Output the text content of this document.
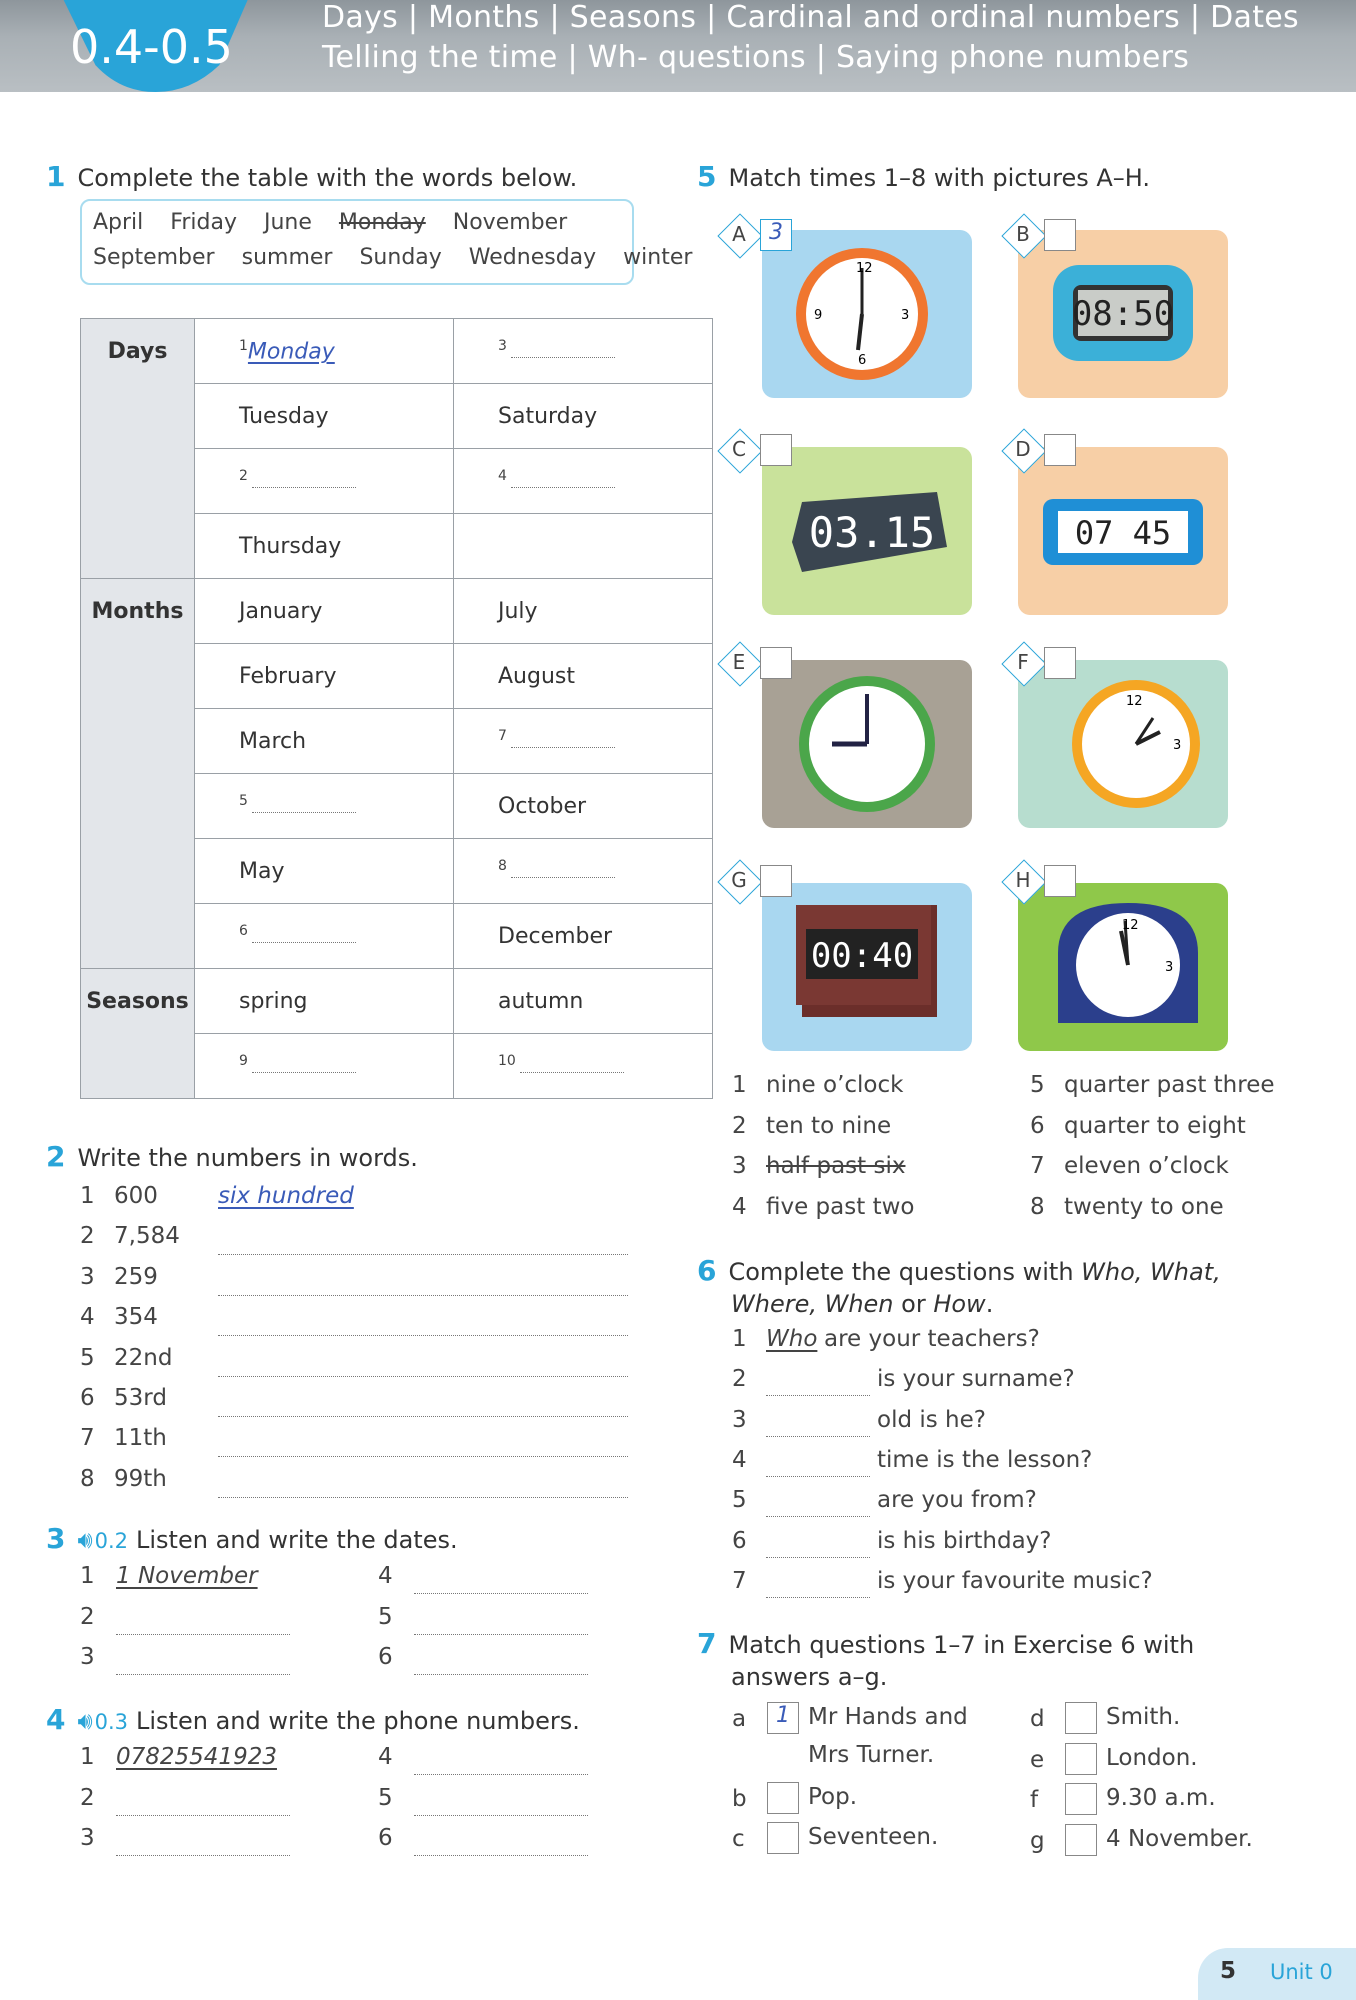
0.4-0.5
Days | Months | Seasons | Cardinal and ordinal numbers | Dates
Telling the time | Wh- questions | Saying phone numbers
1 Complete the table with the words below.
April Friday June Monday November
September summer Sunday Wednesday winter
Days	$^1$Monday	$^3$
	Tuesday	Saturday
	$^2$	$^4$
	Thursday	
Months	January	July
	February	August
	March	$^7$
	$^5$	October
	May	$^8$
	$^6$	December
Seasons	spring	autumn
	$^9$	$^{10}$
2 Write the numbers in words.
1 600	six hundred
2 7,584
3 259
4 354
5 22nd
6 53rd
7 11th
8 99th
3 🔊︎0.2 Listen and write the dates.
1 1 November
2
3
4
5
6
4 🔊︎0.3 Listen and write the phone numbers.
1 07825541923
2
3
4
5
6
5 Match times 1–8 with pictures A–H.
12
6
3
9	08:50
03.15	07 45
12
3
00:40
12
3
A	3	B
C	D
E	F
G	H
1 nine o’clock
2 ten to nine
3 half past six
4 five past two
5 quarter past three
6 quarter to eight
7 eleven o’clock
8 twenty to one
6 Complete the questions with Who, What,
Where, When or How.
1 Who are your teachers?
2	is your surname?
3	old is he?
4	time is the lesson?
5	are you from?
6	is his birthday?
7	is your favourite music?
7 Match questions 1–7 in Exercise 6 with
answers a–g.
a	1 Mr Hands and
Mrs Turner.
b	Pop.
c	Seventeen.
d	Smith.
e	London.
f	9.30 a.m.
g	4 November.
5 Unit 0
